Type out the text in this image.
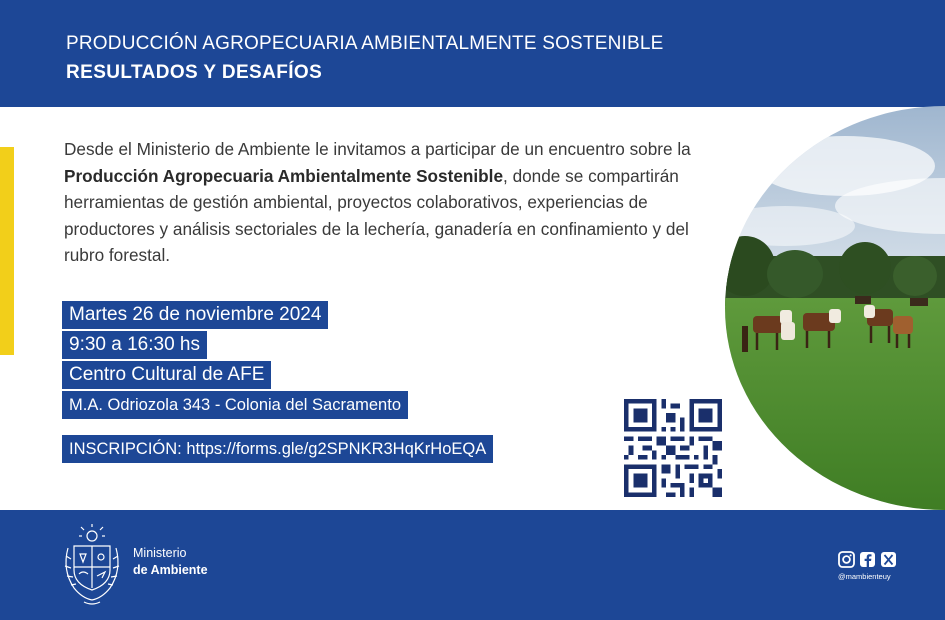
PRODUCCIÓN AGROPECUARIA AMBIENTALMENTE SOSTENIBLE
RESULTADOS Y DESAFÍOS
Desde el Ministerio de Ambiente le invitamos a participar de un encuentro sobre la Producción Agropecuaria Ambientalmente Sostenible, donde se compartirán herramientas de gestión ambiental, proyectos colaborativos, experiencias de productores y análisis sectoriales de la lechería, ganadería en confinamiento y del rubro forestal.
Martes 26 de noviembre 2024
9:30 a 16:30 hs
Centro Cultural de AFE
M.A. Odriozola 343 - Colonia del Sacramento
INSCRIPCIÓN: https://forms.gle/g2SPNKR3HqKrHoEQA
Ministerio
de Ambiente	@mambienteuy
